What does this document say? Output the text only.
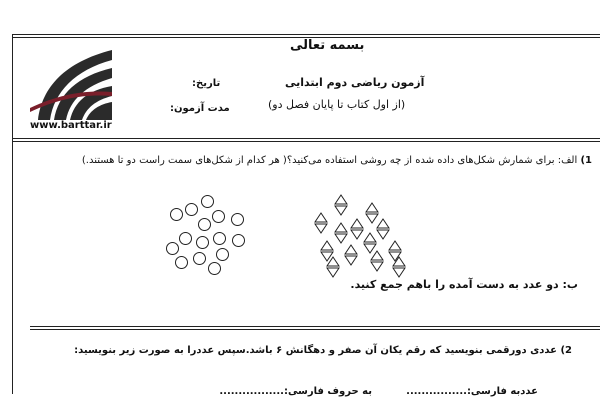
بسمه تعالی
www.barttar.ir
آزمون ریاضی دوم ابتدایی
(از اول کتاب تا پایان فصل دو)
تاریخ:
مدت آزمون:
1) الف: برای شمارش شکل‌های داده شده از چه روشی استفاده می‌کنید؟( هر کدام از شکل‌های سمت راست دو تا هستند.)
ب: دو عدد به دست آمده را باهم جمع کنید.
2) عددی دورقمی بنویسید که رقم یکان آن صفر و دهگانش ۶ باشد.سپس عددرا به صورت زیر بنویسید:
عددبه فارسی:................
به حروف فارسی:.................
